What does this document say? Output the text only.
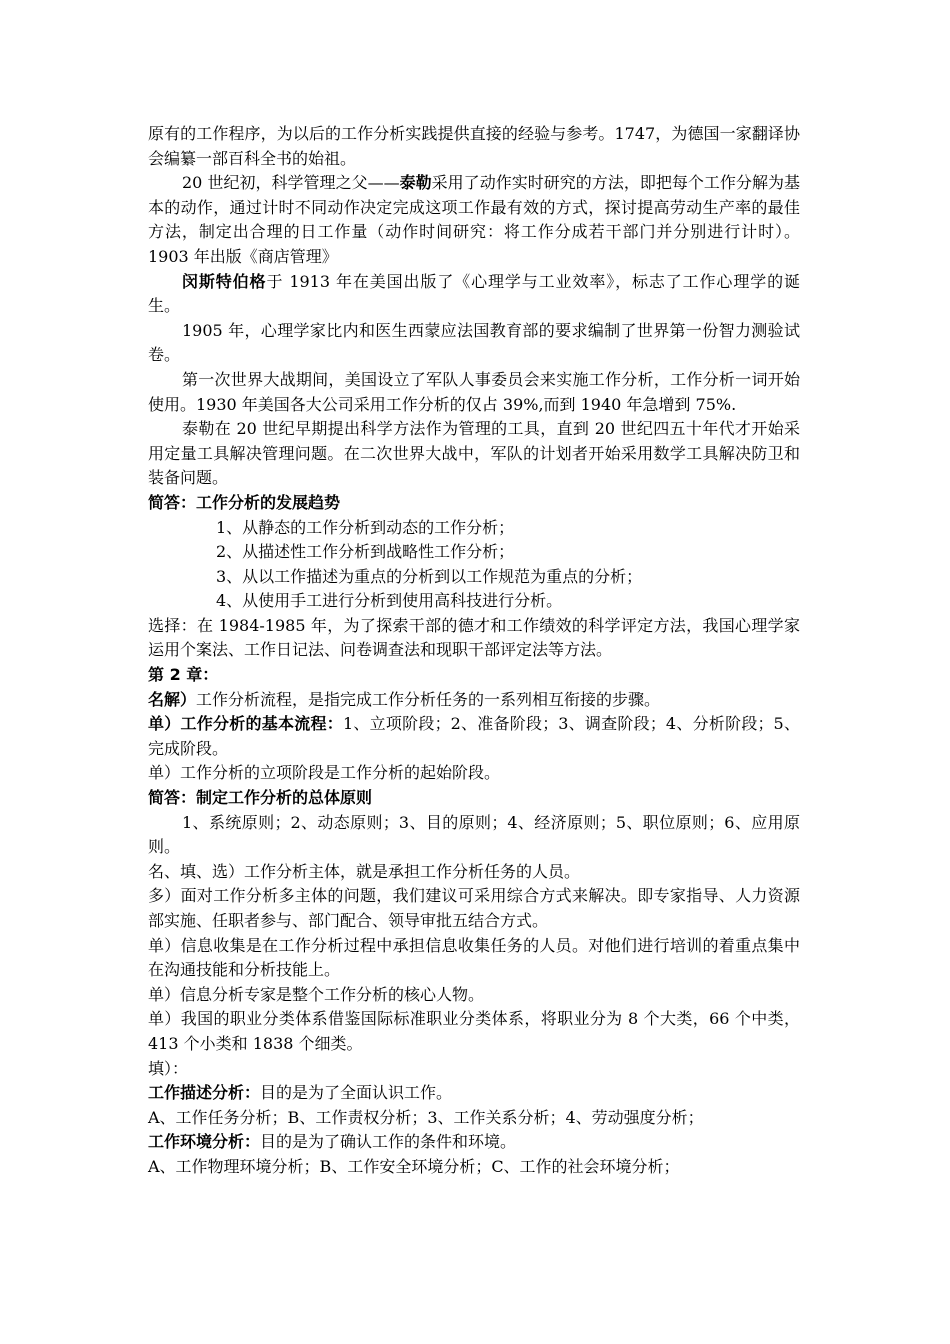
原有的工作程序，为以后的工作分析实践提供直接的经验与参考。1747，为德国一家翻译协会编纂一部百科全书的始祖。

20 世纪初，科学管理之父——泰勒采用了动作实时研究的方法，即把每个工作分解为基本的动作，通过计时不同动作决定完成这项工作最有效的方式，探讨提高劳动生产率的最佳方法，制定出合理的日工作量（动作时间研究：将工作分成若干部门并分别进行计时）。1903 年出版《商店管理》

闵斯特伯格于 1913 年在美国出版了《心理学与工业效率》，标志了工作心理学的诞生。

1905 年，心理学家比内和医生西蒙应法国教育部的要求编制了世界第一份智力测验试卷。

第一次世界大战期间，美国设立了军队人事委员会来实施工作分析，工作分析一词开始使用。1930 年美国各大公司采用工作分析的仅占 39%,而到 1940 年急增到 75%.

泰勒在 20 世纪早期提出科学方法作为管理的工具，直到 20 世纪四五十年代才开始采用定量工具解决管理问题。在二次世界大战中，军队的计划者开始采用数学工具解决防卫和装备问题。

简答：工作分析的发展趋势

1、从静态的工作分析到动态的工作分析；

2、从描述性工作分析到战略性工作分析；

3、从以工作描述为重点的分析到以工作规范为重点的分析；

4、从使用手工进行分析到使用高科技进行分析。

选择：在 1984-1985 年，为了探索干部的德才和工作绩效的科学评定方法，我国心理学家运用个案法、工作日记法、问卷调查法和现职干部评定法等方法。

第 2 章：

名解）工作分析流程，是指完成工作分析任务的一系列相互衔接的步骤。

单）工作分析的基本流程：1、立项阶段；2、准备阶段；3、调查阶段；4、分析阶段；5、完成阶段。

单）工作分析的立项阶段是工作分析的起始阶段。

简答：制定工作分析的总体原则

1、系统原则；2、动态原则；3、目的原则；4、经济原则；5、职位原则；6、应用原则。

名、填、选）工作分析主体，就是承担工作分析任务的人员。

多）面对工作分析多主体的问题，我们建议可采用综合方式来解决。即专家指导、人力资源部实施、任职者参与、部门配合、领导审批五结合方式。

单）信息收集是在工作分析过程中承担信息收集任务的人员。对他们进行培训的着重点集中在沟通技能和分析技能上。

单）信息分析专家是整个工作分析的核心人物。

单）我国的职业分类体系借鉴国际标准职业分类体系，将职业分为 8 个大类，66 个中类，413 个小类和 1838 个细类。

填）：

工作描述分析：目的是为了全面认识工作。

A、工作任务分析；B、工作责权分析；3、工作关系分析；4、劳动强度分析；

工作环境分析：目的是为了确认工作的条件和环境。

A、工作物理环境分析；B、工作安全环境分析；C、工作的社会环境分析；
